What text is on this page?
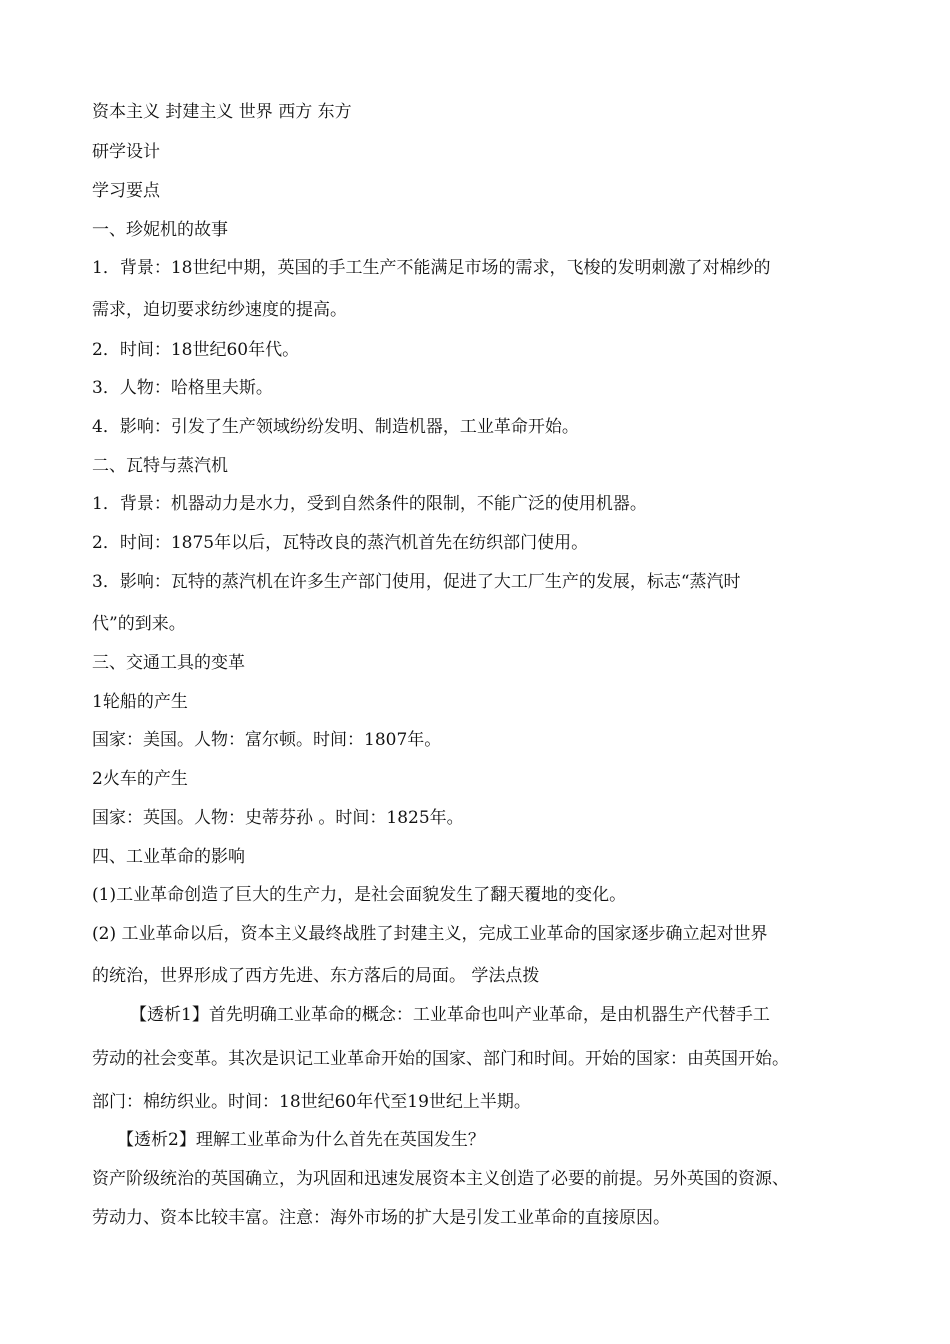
资本主义 封建主义 世界 西方 东方

研学设计

学习要点

一、珍妮机的故事

1．背景：18世纪中期，英国的手工生产不能满足市场的需求，飞梭的发明刺激了对棉纱的

需求，迫切要求纺纱速度的提高。

2．时间：18世纪60年代。

3．人物：哈格里夫斯。

4．影响：引发了生产领域纷纷发明、制造机器，工业革命开始。

二、瓦特与蒸汽机

1．背景：机器动力是水力，受到自然条件的限制，不能广泛的使用机器。

2．时间：1875年以后，瓦特改良的蒸汽机首先在纺织部门使用。

3．影响：瓦特的蒸汽机在许多生产部门使用，促进了大工厂生产的发展，标志“蒸汽时

代”的到来。

三、交通工具的变革

1轮船的产生

国家：美国。人物：富尔顿。时间：1807年。

2火车的产生

国家：英国。人物：史蒂芬孙 。时间：1825年。

四、工业革命的影响

(1)工业革命创造了巨大的生产力，是社会面貌发生了翻天覆地的变化。

(2) 工业革命以后，资本主义最终战胜了封建主义，完成工业革命的国家逐步确立起对世界

的统治，世界形成了西方先进、东方落后的局面。 学法点拨

【透析1】首先明确工业革命的概念：工业革命也叫产业革命，是由机器生产代替手工

劳动的社会变革。其次是识记工业革命开始的国家、部门和时间。开始的国家：由英国开始。

部门：棉纺织业。时间：18世纪60年代至19世纪上半期。

【透析2】理解工业革命为什么首先在英国发生？

资产阶级统治的英国确立，为巩固和迅速发展资本主义创造了必要的前提。另外英国的资源、

劳动力、资本比较丰富。注意：海外市场的扩大是引发工业革命的直接原因。
